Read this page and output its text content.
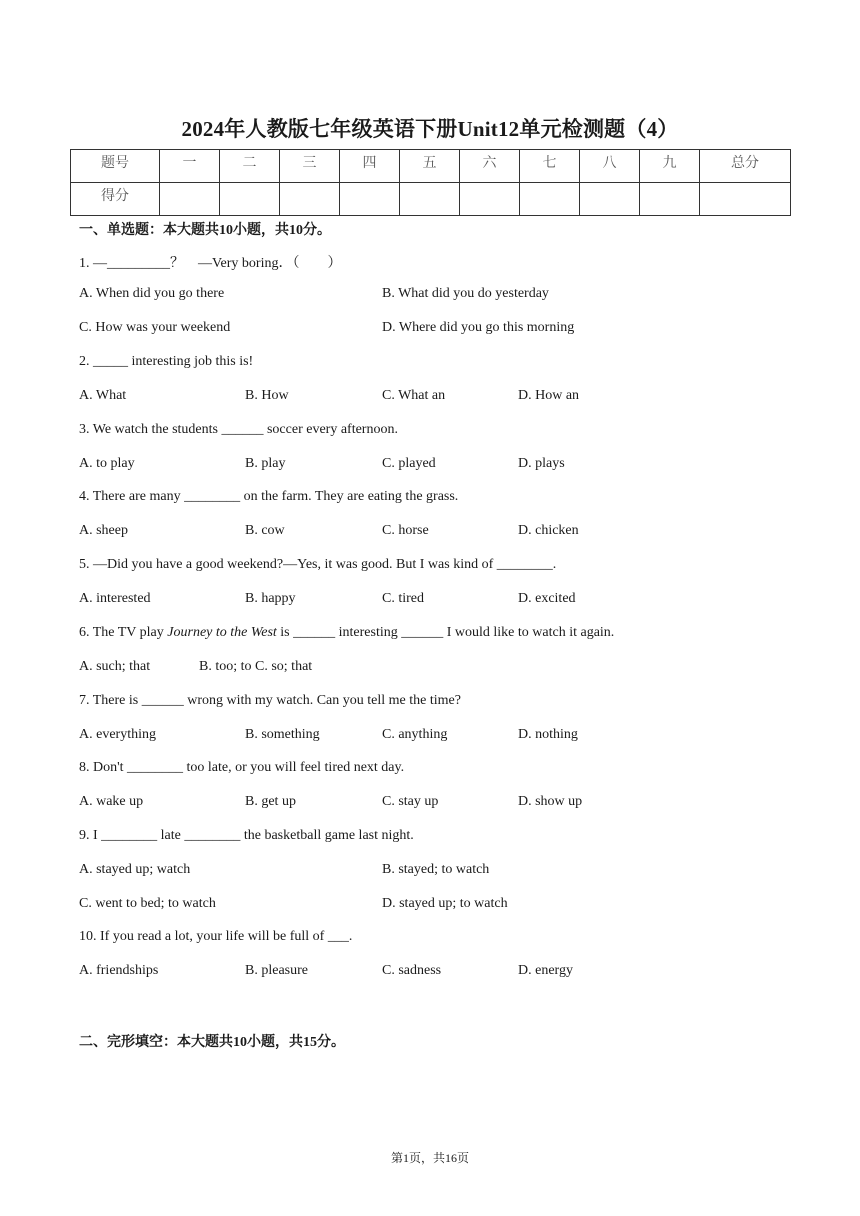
2024年人教版七年级英语下册Unit12单元检测题（4）
题号	一	二	三	四	五	六	七	八	九	总分
得分										
一、单选题：本大题共10小题，共10分。
1. —_________？　—Very boring．（　　）
A. When did you go there	B. What did you do yesterday
C. How was your weekend	D. Where did you go this morning
2. _____ interesting job this is!
A. What	B. How	C. What an	D. How an
3. We watch the students ______ soccer every afternoon.
A. to play	B. play	C. played	D. plays
4. There are many ________ on the farm. They are eating the grass.
A. sheep	B. cow	C. horse	D. chicken
5. —Did you have a good weekend?—Yes, it was good. But I was kind of ________.
A. interested	B. happy	C. tired	D. excited
6. The TV play Journey to the West is ______ interesting ______ I would like to watch it again.
A. such; that	B. too; to C. so; that
7. There is ______ wrong with my watch. Can you tell me the time?
A. everything	B. something	C. anything	D. nothing
8. Don't ________ too late, or you will feel tired next day.
A. wake up	B. get up	C. stay up	D. show up
9. I ________ late ________ the basketball game last night.
A. stayed up; watch	B. stayed; to watch
C. went to bed; to watch	D. stayed up; to watch
10. If you read a lot, your life will be full of ___.
A. friendships	B. pleasure	C. sadness	D. energy
二、完形填空：本大题共10小题，共15分。
第1页，共16页
